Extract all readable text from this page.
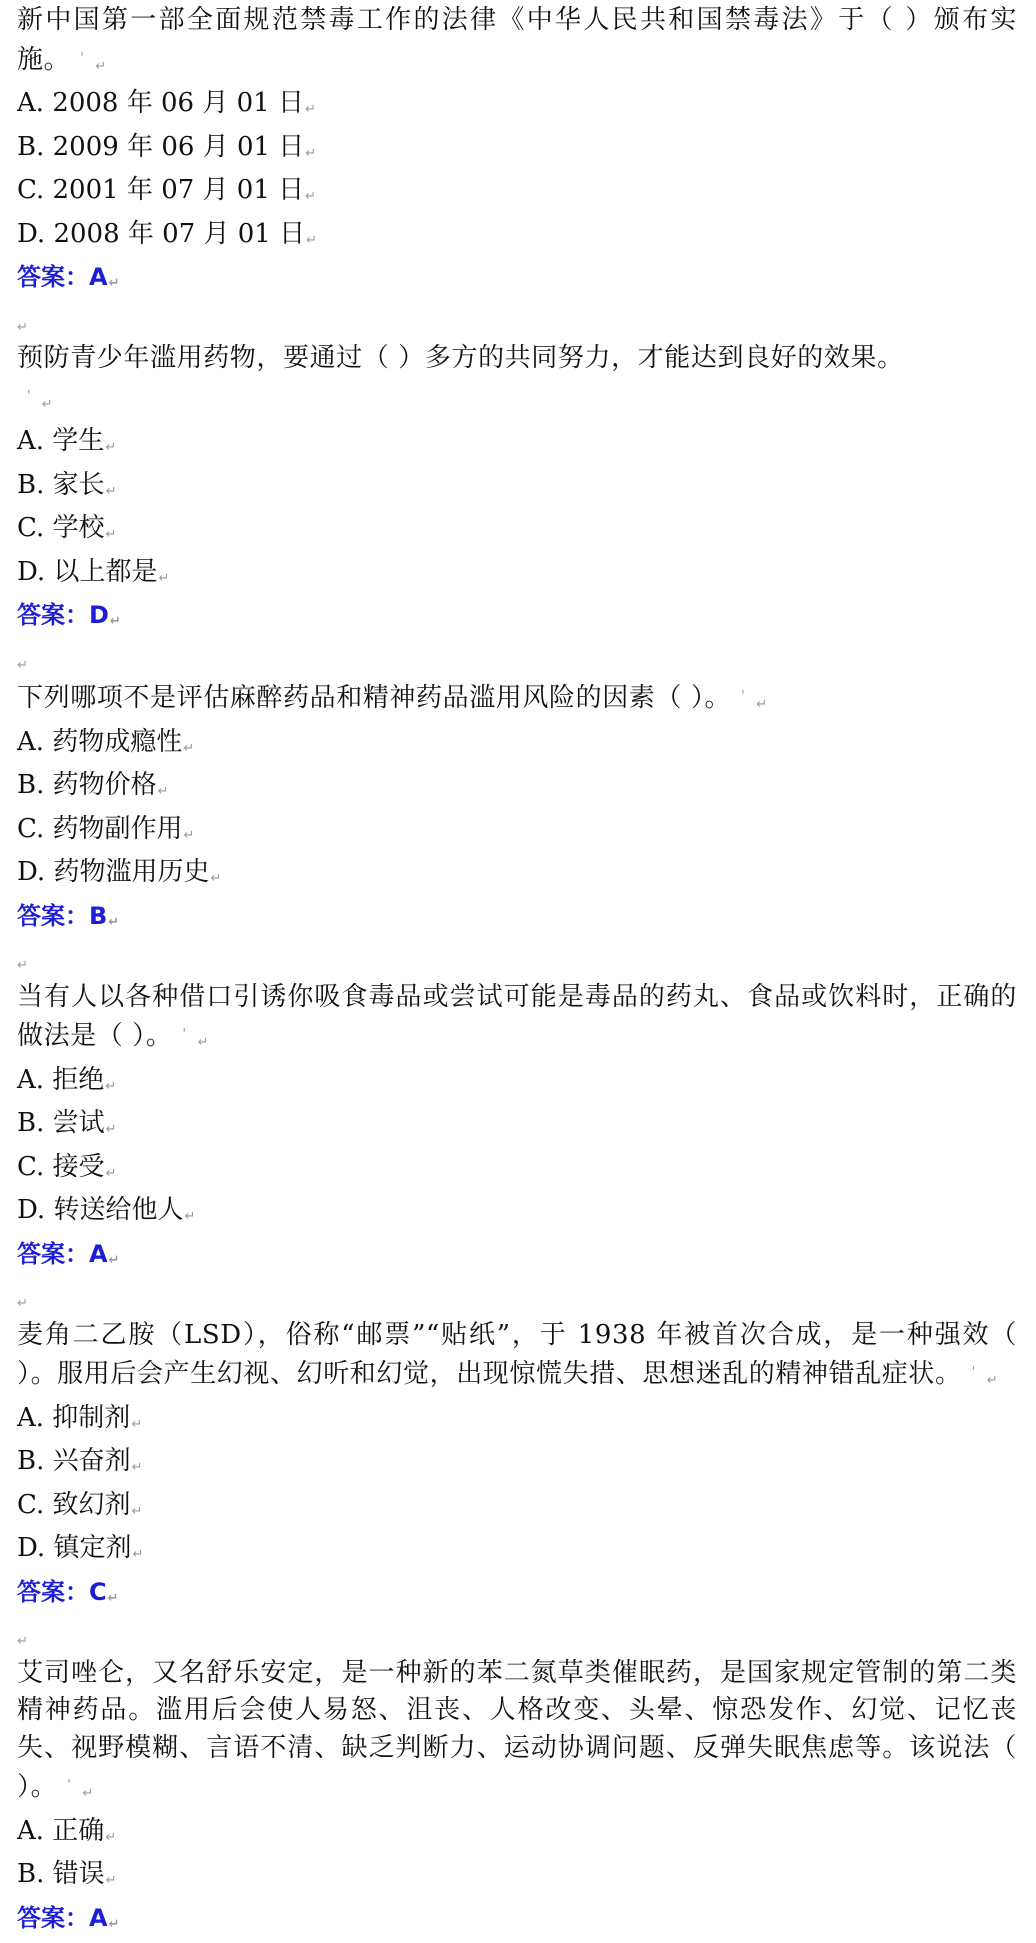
新中国第一部全面规范禁毒工作的法律《中华人民共和国禁毒法》于（ ）颁布实施。 '↵
A. 2008 年 06 月 01 日↵
B. 2009 年 06 月 01 日↵
C. 2001 年 07 月 01 日↵
D. 2008 年 07 月 01 日↵
答案：A↵
↵
预防青少年滥用药物，要通过（ ）多方的共同努力，才能达到良好的效果。
'↵
A. 学生↵
B. 家长↵
C. 学校↵
D. 以上都是↵
答案：D↵
↵
下列哪项不是评估麻醉药品和精神药品滥用风险的因素（ ）。 '↵
A. 药物成瘾性↵
B. 药物价格↵
C. 药物副作用↵
D. 药物滥用历史↵
答案：B↵
↵
当有人以各种借口引诱你吸食毒品或尝试可能是毒品的药丸、食品或饮料时，正确的做法是（ ）。 '↵
A. 拒绝↵
B. 尝试↵
C. 接受↵
D. 转送给他人↵
答案：A↵
↵
麦角二乙胺（LSD），俗称“邮票”“贴纸”，于 1938 年被首次合成，是一种强效（ ）。服用后会产生幻视、幻听和幻觉，出现惊慌失措、思想迷乱的精神错乱症状。 '↵
A. 抑制剂↵
B. 兴奋剂↵
C. 致幻剂↵
D. 镇定剂↵
答案：C↵
↵
艾司唑仑，又名舒乐安定，是一种新的苯二氮草类催眠药，是国家规定管制的第二类精神药品。滥用后会使人易怒、沮丧、人格改变、头晕、惊恐发作、幻觉、记忆丧失、视野模糊、言语不清、缺乏判断力、运动协调问题、反弹失眠焦虑等。该说法（ ）。 '↵
A. 正确↵
B. 错误↵
答案：A↵
